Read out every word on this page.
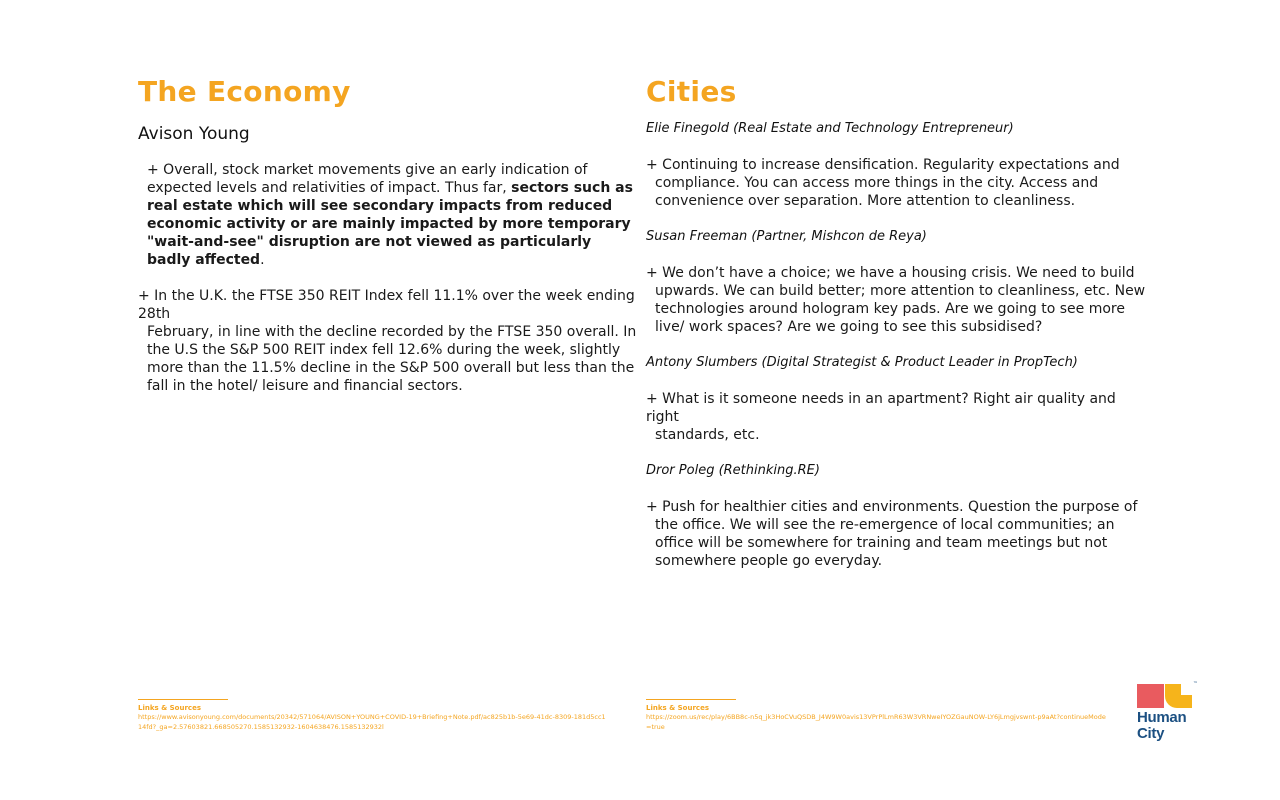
The Economy
Avison Young

+ Overall, stock market movements give an early indication of expected levels and relativities of impact. Thus far, sectors such as real estate which will see secondary impacts from reduced economic activity or are mainly impacted by more temporary "wait-and-see" disruption are not viewed as particularly badly affected.

+ In the U.K. the FTSE 350 REIT Index fell 11.1% over the week ending 28th
February, in line with the decline recorded by the FTSE 350 overall. In the U.S the S&P 500 REIT index fell 12.6% during the week, slightly more than the 11.5% decline in the S&P 500 overall but less than the fall in the hotel/ leisure and financial sectors.

Cities

Elie Finegold (Real Estate and Technology Entrepreneur)

+ Continuing to increase densification. Regularity expectations and
compliance. You can access more things in the city. Access and convenience over separation. More attention to cleanliness.

Susan Freeman (Partner, Mishcon de Reya)

+ We don’t have a choice; we have a housing crisis. We need to build
upwards. We can build better; more attention to cleanliness, etc. New technologies around hologram key pads. Are we going to see more live/ work spaces? Are we going to see this subsidised?

Antony Slumbers (Digital Strategist & Product Leader in PropTech)

+ What is it someone needs in an apartment? Right air quality and right
standards, etc.

Dror Poleg (Rethinking.RE)

+ Push for healthier cities and environments. Question the purpose of
the office. We will see the re-emergence of local communities; an office will be somewhere for training and team meetings but not somewhere people go everyday.

Links & Sources
https://www.avisonyoung.com/documents/20342/571064/AVISON+YOUNG+COVID-19+Briefing+Note.pdf/ac825b1b-5e69-41dc-8309-181d5cc114fd?_ga=2.57603821.668505270.1585132932-1604638476.1585132932l
Links & Sources
https://zoom.us/rec/play/6BB8c-n5q_jk3HoCVuQSDB_J4W9W0avis13VPrPlLmR63W3VRNweIYOZGauNOW-LY6jLmgjvswnt-p9aAt?continueMode=true
™
Human
City
